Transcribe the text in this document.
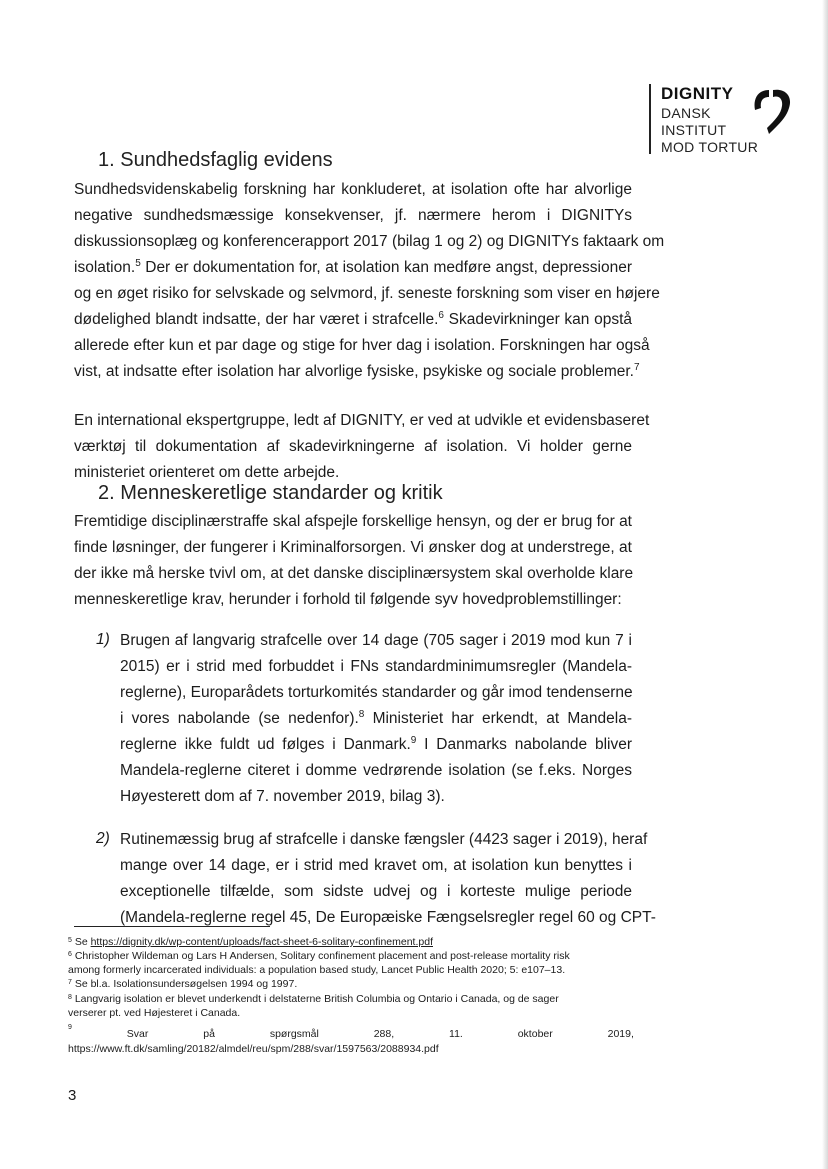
DIGNITY
DANSK
INSTITUT
MOD TORTUR
1. Sundhedsfaglig evidens

Sundhedsvidenskabelig forskning har konkluderet, at isolation ofte har alvorlige

negative sundhedsmæssige konsekvenser, jf. nærmere herom i DIGNITYs

diskussionsoplæg og konferencerapport 2017 (bilag 1 og 2) og DIGNITYs faktaark om

isolation.$^5$ Der er dokumentation for, at isolation kan medføre angst, depressioner

og en øget risiko for selvskade og selvmord, jf. seneste forskning som viser en højere

dødelighed blandt indsatte, der har været i strafcelle.$^6$ Skadevirkninger kan opstå

allerede efter kun et par dage og stige for hver dag i isolation. Forskningen har også

vist, at indsatte efter isolation har alvorlige fysiske, psykiske og sociale problemer.$^7$

En international ekspertgruppe, ledt af DIGNITY, er ved at udvikle et evidensbaseret

værktøj til dokumentation af skadevirkningerne af isolation. Vi holder gerne

ministeriet orienteret om dette arbejde.

2. Menneskeretlige standarder og kritik

Fremtidige disciplinærstraffe skal afspejle forskellige hensyn, og der er brug for at

finde løsninger, der fungerer i Kriminalforsorgen. Vi ønsker dog at understrege, at

der ikke må herske tvivl om, at det danske disciplinærsystem skal overholde klare

menneskeretlige krav, herunder i forhold til følgende syv hovedproblemstillinger:

1) Brugen af langvarig strafcelle over 14 dage (705 sager i 2019 mod kun 7 i

2015) er i strid med forbuddet i FNs standardminimumsregler (Mandela-

reglerne), Europarådets torturkomités standarder og går imod tendenserne

i vores nabolande (se nedenfor).$^8$ Ministeriet har erkendt, at Mandela-

reglerne ikke fuldt ud følges i Danmark.$^9$ I Danmarks nabolande bliver

Mandela-reglerne citeret i domme vedrørende isolation (se f.eks. Norges

Høyesterett dom af 7. november 2019, bilag 3).

2) Rutinemæssig brug af strafcelle i danske fængsler (4423 sager i 2019), heraf

mange over 14 dage, er i strid med kravet om, at isolation kun benyttes i

exceptionelle tilfælde, som sidste udvej og i korteste mulige periode

(Mandela-reglerne regel 45, De Europæiske Fængselsregler regel 60 og CPT-

$^5$ Se https://dignity.dk/wp-content/uploads/fact-sheet-6-solitary-confinement.pdf

$^6$ Christopher Wildeman og Lars H Andersen, Solitary confinement placement and post-release mortality risk

among formerly incarcerated individuals: a population based study, Lancet Public Health 2020; 5: e107–13.

$^7$ Se bl.a. Isolationsundersøgelsen 1994 og 1997.

$^8$ Langvarig isolation er blevet underkendt i delstaterne British Columbia og Ontario i Canada, og de sager

verserer pt. ved Højesteret i Canada.

9
Svar	på	spørgsmål	288,	11.	oktober	2019,

https://www.ft.dk/samling/20182/almdel/reu/spm/288/svar/1597563/2088934.pdf

3
